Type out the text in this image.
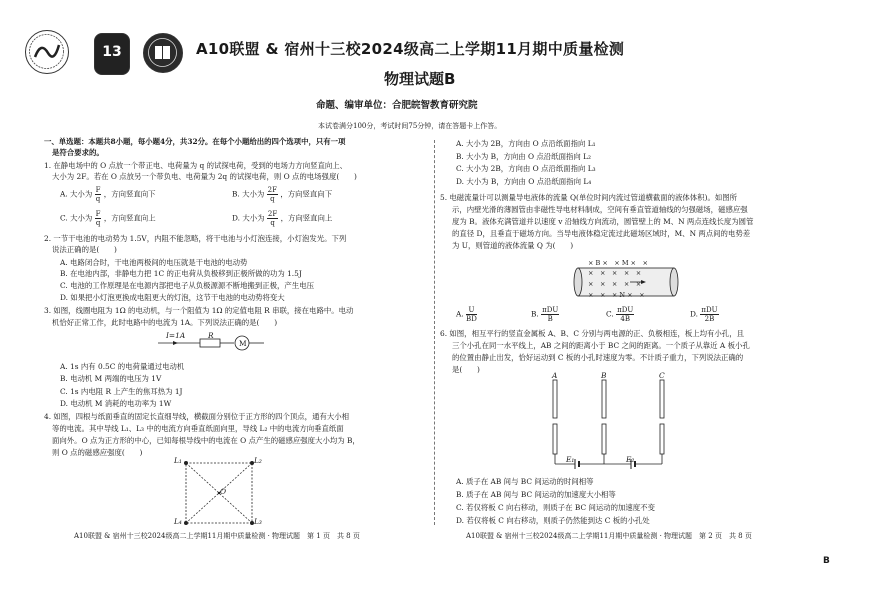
13	A10联盟 & 宿州十三校2024级高二上学期11月期中质量检测
物理试题B
命题、编审单位：合肥皖智教育研究院
本试卷满分100分，考试时间75分钟，请在答题卡上作答。
一、单选题：本题共8小题，每小题4分，共32分。在每个小题给出的四个选项中，只有一项
是符合要求的。
1. 在静电场中的 O 点放一个带正电、电荷量为 q 的试探电荷，受到的电场力方向竖直向上、
大小为 2F。若在 O 点放另一个带负电、电荷量为 2q 的试探电荷，则 O 点的电场强度(　　)
A. 大小为 $\frac{F}{q}$ ，方向竖直向下	B. 大小为 $\frac{2F}{q}$ ，方向竖直向下
C. 大小为 $\frac{F}{q}$ ，方向竖直向上	D. 大小为 $\frac{2F}{q}$ ，方向竖直向上
2. 一节干电池的电动势为 1.5V，内阻不能忽略，将干电池与小灯泡连接，小灯泡发光。下列
说法正确的是(　　)
A. 电路闭合时，干电池两极间的电压就是干电池的电动势
B. 在电池内部，非静电力把 1C 的正电荷从负极移到正极所做的功为 1.5J
C. 电池的工作原理是在电源内部把电子从负极源源不断地搬到正极，产生电压
D. 如果把小灯泡更换成电阻更大的灯泡，这节干电池的电动势将变大
3. 如图，线圈电阻为 1Ω 的电动机，与一个阻值为 1Ω 的定值电阻 R 串联，接在电路中。电动
机恰好正常工作，此时电路中的电流为 1A。下列说法正确的是(　　)
I=1A	R
M
A. 1s 内有 0.5C 的电荷量通过电动机
B. 电动机 M 两端的电压为 1V
C. 1s 内电阻 R 上产生的焦耳热为 1J
D. 电动机 M 消耗的电功率为 1W
4. 如图，四根与纸面垂直的固定长直细导线，横截面分别位于正方形的四个顶点，通有大小相
等的电流。其中导线 L₁、L₃ 中的电流方向垂直纸面向里，导线 L₂ 中的电流方向垂直纸面
面向外。O 点为正方形的中心，已知每根导线中的电流在 O 点产生的磁感应强度大小均为 B，
则 O 点的磁感应强度(　　)
L₁	L₂
O
L₄	L₃
A10联盟 & 宿州十三校2024级高二上学期11月期中质量检测 · 物理试题　第 1 页　共 8 页
A. 大小为 2B，方向由 O 点沿纸面指向 L₁
B. 大小为 B，方向由 O 点沿纸面指向 L₂
C. 大小为 2B，方向由 O 点沿纸面指向 L₃
D. 大小为 B，方向由 O 点沿纸面指向 L₄
5. 电磁流量计可以测量导电液体的流量 Q(单位时间内流过管道横截面的液体体积)。如图所
示，内壁光滑的薄圆管由非磁性导电材料制成，空间有垂直管道轴线的匀强磁场，磁感应强
度为 B。液体充满管道并以速度 v 沿轴线方向流动，圆管壁上的 M、N 两点连线长度为圆管
的直径 D，且垂直于磁场方向。当导电液体稳定流过此磁场区域时，M、N 两点间的电势差
为 U，则管道的液体流量 Q 为(　　)
× B ×　× M ×　×
×　×　×　×　×
×　×　×　×　×
×　×　× N ×　×
A. $\frac{U}{BD}$	B. $\frac{\text{πDU}}{B}$	C. $\frac{\text{πDU}}{4B}$	D. $\frac{\text{πDU}}{2B}$
6. 如图，相互平行的竖直金属板 A、B、C 分别与两电源的正、负极相连，板上均有小孔，且
三个小孔在同一水平线上，AB 之间的距离小于 BC 之间的距离。一个质子从靠近 A 板小孔
的位置由静止出发，恰好运动到 C 板的小孔时速度为零。不计质子重力，下列说法正确的
是(　　)
A	B	C
E₁	E₂
A. 质子在 AB 间与 BC 间运动的时间相等
B. 质子在 AB 间与 BC 间运动的加速度大小相等
C. 若仅将板 C 向右移动，则质子在 BC 间运动的加速度不变
D. 若仅将板 C 向右移动，则质子仍然能到达 C 板的小孔处
A10联盟 & 宿州十三校2024级高二上学期11月期中质量检测 · 物理试题　第 2 页　共 8 页
B
